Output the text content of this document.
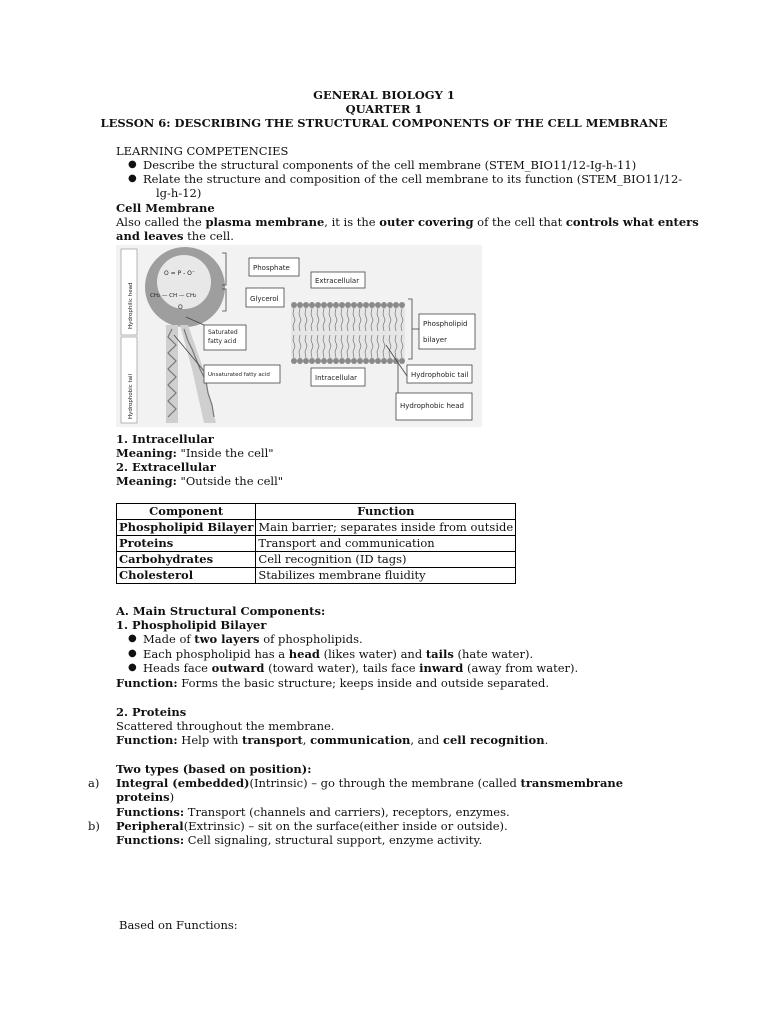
GENERAL BIOLOGY 1
QUARTER 1
LESSON 6: DESCRIBING THE STRUCTURAL COMPONENTS OF THE CELL MEMBRANE
LEARNING COMPETENCIES
● Describe the structural components of the cell membrane (STEM_BIO11/12-Ig-h-11)
● Relate the structure and composition of the cell membrane to its function (STEM_BIO11/12-
lg-h-12)
Cell Membrane
Also called the plasma membrane, it is the outer covering of the cell that controls what enters
and leaves the cell.
Hydrophilic head
Hydrophobic tail
O = P - O⁻
CH₂ — CH — CH₂
O
Phosphate
Glycerol
Saturated
fatty acid
Unsaturated fatty acid
Extracellular
Intracellular
Phospholipid
bilayer
Hydrophobic tail
Hydrophobic head
1. Intracellular
Meaning: "Inside the cell"
2. Extracellular
Meaning: "Outside the cell"
Component	Function
Phospholipid Bilayer	Main barrier; separates inside from outside
Proteins	Transport and communication
Carbohydrates	Cell recognition (ID tags)
Cholesterol	Stabilizes membrane fluidity
A. Main Structural Components:
1. Phospholipid Bilayer
● Made of two layers of phospholipids.
● Each phospholipid has a head (likes water) and tails (hate water).
● Heads face outward (toward water), tails face inward (away from water).
Function: Forms the basic structure; keeps inside and outside separated.
2. Proteins
Scattered throughout the membrane.
Function: Help with transport, communication, and cell recognition.
Two types (based on position):
a) Integral (embedded)(Intrinsic) – go through the membrane (called transmembrane
proteins)
Functions: Transport (channels and carriers), receptors, enzymes.
b) Peripheral(Extrinsic) – sit on the surface(either inside or outside).
Functions: Cell signaling, structural support, enzyme activity.
Based on Functions:
